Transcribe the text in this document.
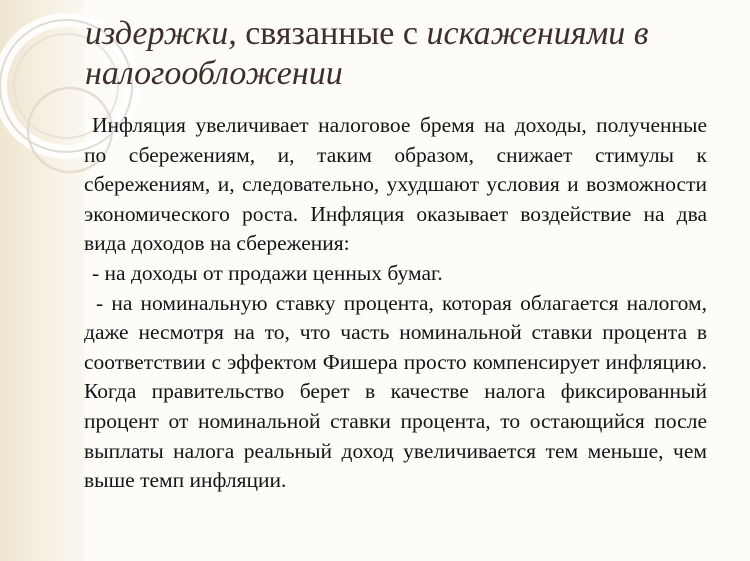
издержки, связанные с искажениями в налогообложении

Инфляция увеличивает налоговое бремя на доходы, полученные по сбережениям, и, таким образом, снижает стимулы к сбережениям, и, следовательно, ухудшают условия и возможности экономического роста. Инфляция оказывает воздействие на два вида доходов на сбережения:

- на доходы от продажи ценных бумаг.

- на номинальную ставку процента, которая облагается налогом, даже несмотря на то, что часть номинальной ставки процента в соответствии с эффектом Фишера просто компенсирует инфляцию. Когда правительство берет в качестве налога фиксированный процент от номинальной ставки процента, то остающийся после выплаты налога реальный доход увеличивается тем меньше, чем выше темп инфляции.
